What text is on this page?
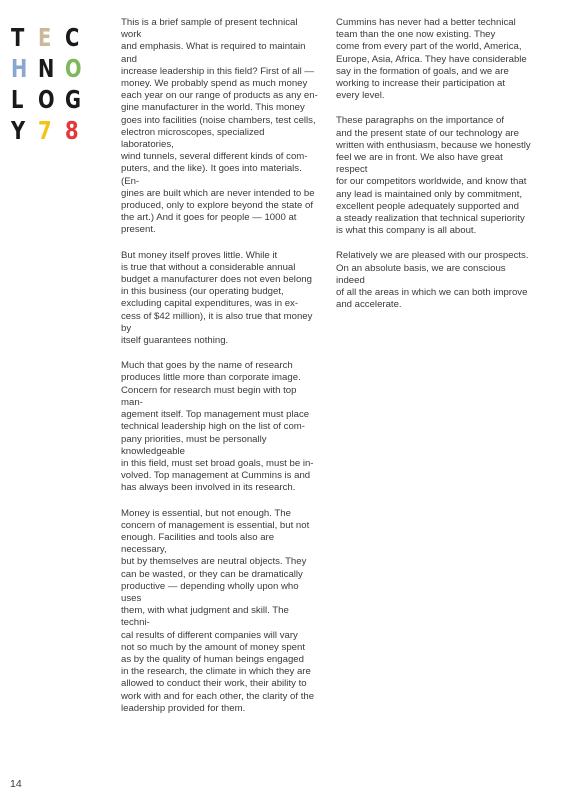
T E C
H N O
L O G
Y 7 8

This is a brief sample of present technical work
and emphasis. What is required to maintain and
increase leadership in this field? First of all —
money. We probably spend as much money
each year on our range of products as any en-
gine manufacturer in the world. This money
goes into facilities (noise chambers, test cells,
electron microscopes, specialized laboratories,
wind tunnels, several different kinds of com-
puters, and the like). It goes into materials. (En-
gines are built which are never intended to be
produced, only to explore beyond the state of
the art.) And it goes for people — 1000 at
present.

But money itself proves little. While it
is true that without a considerable annual
budget a manufacturer does not even belong
in this business (our operating budget,
excluding capital expenditures, was in ex-
cess of $42 million), it is also true that money by
itself guarantees nothing.

Much that goes by the name of research
produces little more than corporate image.
Concern for research must begin with top man-
agement itself. Top management must place
technical leadership high on the list of com-
pany priorities, must be personally knowledgeable
in this field, must set broad goals, must be in-
volved. Top management at Cummins is and
has always been involved in its research.

Money is essential, but not enough. The
concern of management is essential, but not
enough. Facilities and tools also are necessary,
but by themselves are neutral objects. They
can be wasted, or they can be dramatically
productive — depending wholly upon who uses
them, with what judgment and skill. The techni-
cal results of different companies will vary
not so much by the amount of money spent
as by the quality of human beings engaged
in the research, the climate in which they are
allowed to conduct their work, their ability to
work with and for each other, the clarity of the
leadership provided for them.

Cummins has never had a better technical
team than the one now existing. They
come from every part of the world, America,
Europe, Asia, Africa. They have considerable
say in the formation of goals, and we are
working to increase their participation at
every level.

These paragraphs on the importance of
and the present state of our technology are
written with enthusiasm, because we honestly
feel we are in front. We also have great respect
for our competitors worldwide, and know that
any lead is maintained only by commitment,
excellent people adequately supported and
a steady realization that technical superiority
is what this company is all about.

Relatively we are pleased with our prospects.
On an absolute basis, we are conscious indeed
of all the areas in which we can both improve
and accelerate.

14
